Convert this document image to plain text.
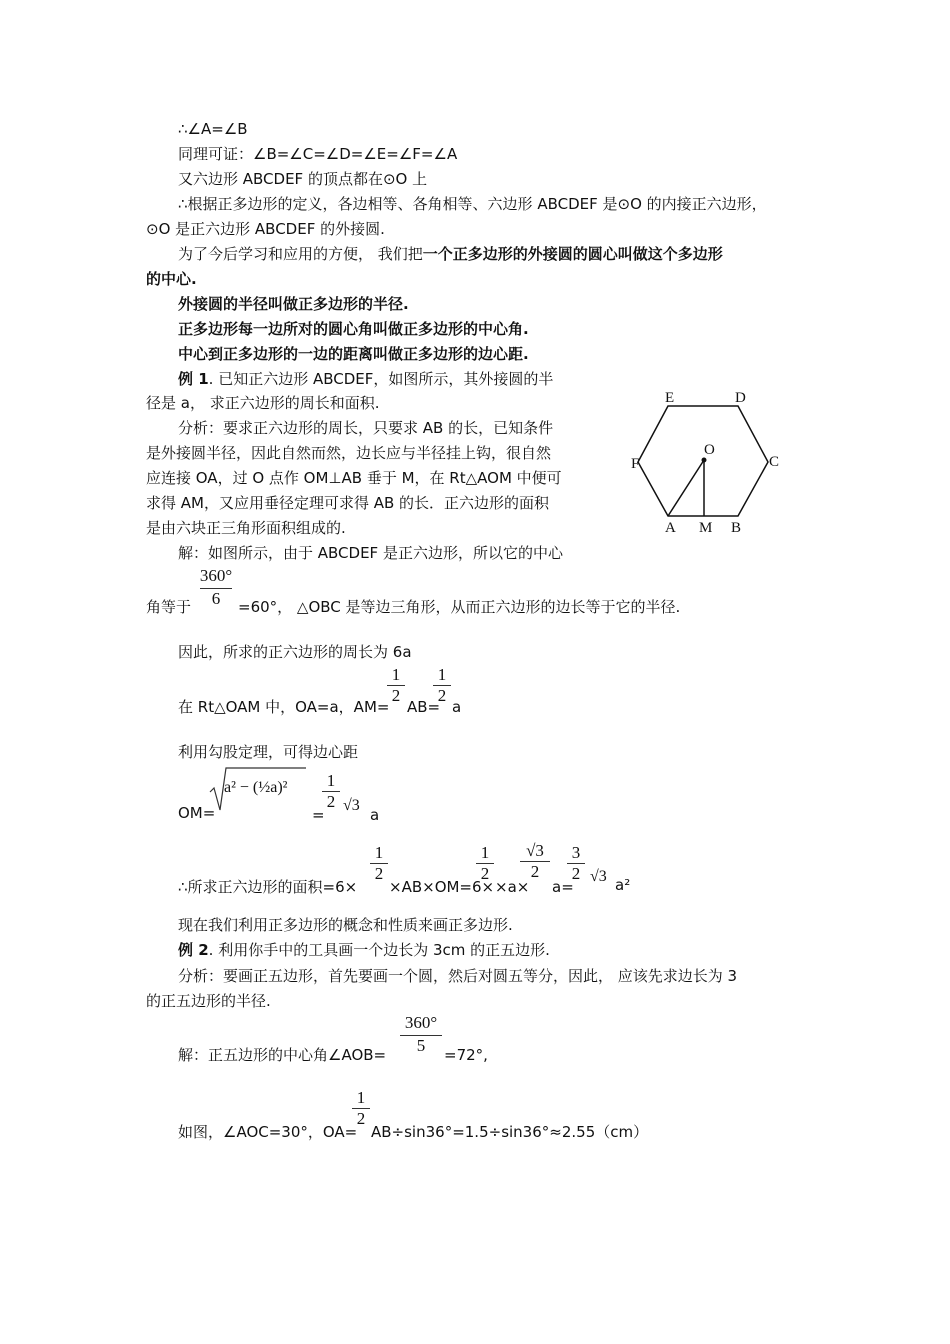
∴∠A=∠B
同理可证：∠B=∠C=∠D=∠E=∠F=∠A
又六边形 ABCDEF 的顶点都在⊙O 上
∴根据正多边形的定义，各边相等、各角相等、六边形 ABCDEF 是⊙O 的内接正六边形，
⊙O 是正六边形 ABCDEF 的外接圆.
为了今后学习和应用的方便， 我们把一个正多边形的外接圆的圆心叫做这个多边形
的中心.
外接圆的半径叫做正多边形的半径.
正多边形每一边所对的圆心角叫做正多边形的中心角.
中心到正多边形的一边的距离叫做正多边形的边心距.
例 1. 已知正六边形 ABCDEF，如图所示，其外接圆的半
径是 a， 求正六边形的周长和面积.
分析：要求正六边形的周长，只要求 AB 的长，已知条件
是外接圆半径，因此自然而然，边长应与半径挂上钩，很自然
应连接 OA，过 O 点作 OM⊥AB 垂于 M，在 Rt△AOM 中便可
求得 AM，又应用垂径定理可求得 AB 的长．正六边形的面积
是由六块正三角形面积组成的.
解：如图所示，由于 ABCDEF 是正六边形，所以它的中心
E	D
F	C
O
A M B
360°
6
角等于	=60°， △OBC 是等边三角形，从而正六边形的边长等于它的半径.
因此，所求的正六边形的周长为 6a
在 Rt△OAM 中，OA=a，AM=
1
2
AB=
1
2
a
利用勾股定理，可得边心距
OM=
a² − (½a)²
=
1
2 √3
a
∴所求正六边形的面积=6×
1
2
×AB×OM=6×
1
2
×a×
√3
2
a=
3
2 √3 a²
现在我们利用正多边形的概念和性质来画正多边形.
例 2. 利用你手中的工具画一个边长为 3cm 的正五边形.
分析：要画正五边形，首先要画一个圆，然后对圆五等分，因此， 应该先求边长为 3
的正五边形的半径.
解：正五边形的中心角∠AOB=
360°
5	=72°,
如图，∠AOC=30°，OA=
1
2
AB÷sin36°=1.5÷sin36°≈2.55（cm）
